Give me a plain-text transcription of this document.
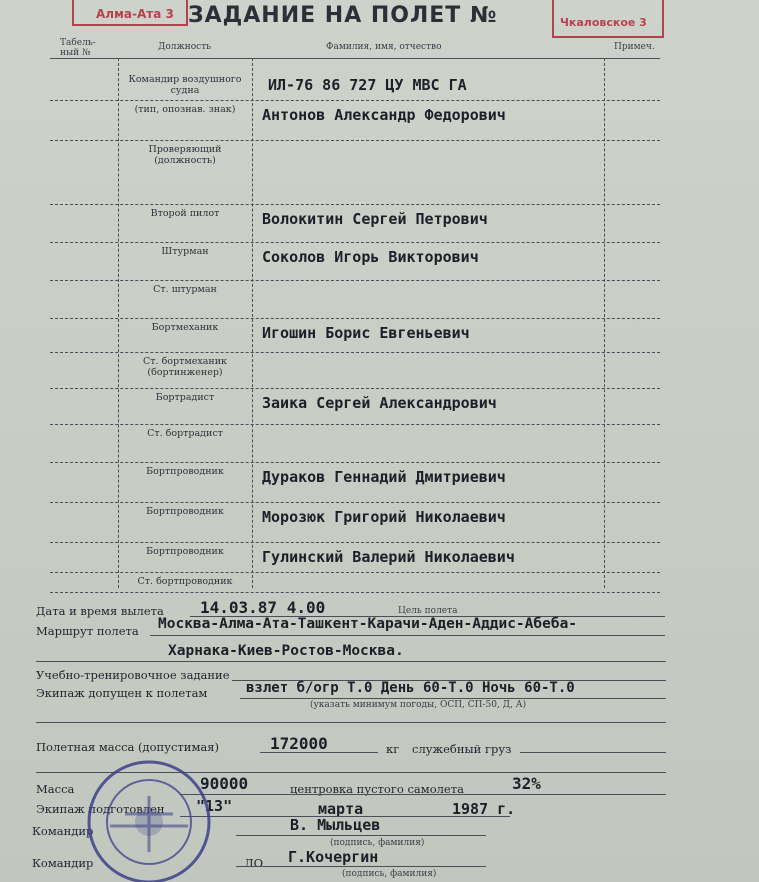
Алма-Ата 3
Чкаловское 3
ЗАДАНИЕ НА ПОЛЕТ №
Табель-ный №
Должность	Фамилия, имя, отчество	Примеч.
Командир воздушного судна	ИЛ-76 86 727 ЦУ МВС ГА
(тип, опознав. знак)	Антонов Александр Федорович
Проверяющий (должность)
Второй пилот	Волокитин Сергей Петрович
Штурман	Соколов Игорь Викторович
Ст. штурман
Бортмеханик	Игошин Борис Евгеньевич
Ст. бортмеханик (бортинженер)
Бортрадист	Заика Сергей Александрович
Ст. бортрадист
Бортпроводник	Дураков Геннадий Дмитриевич
Бортпроводник	Морозюк Григорий Николаевич
Бортпроводник	Гулинский Валерий Николаевич
Ст. бортпроводник
Дата и время вылета 14.03.87 4.00	Цель полета
Маршрут полета Москва-Алма-Ата-Ташкент-Карачи-Аден-Аддис-Абеба-
Харнака-Киев-Ростов-Москва.
Учебно-тренировочное задание
Экипаж допущен к полетам	взлет б/огр Т.0 День 60-Т.0 Ночь 60-Т.0
(указать минимум погоды, ОСП, СП-50, Д, А)
Полетная масса (допустимая)	172000	кг служебный груз
Масса	90000	центровка пустого самолета	32%
Экипаж подготовлен "13"	марта	1987 г.
Командир	В. Мыльцев
(подпись, фамилия)
Командир	ЛО Г.Кочергин
(подпись, фамилия)
